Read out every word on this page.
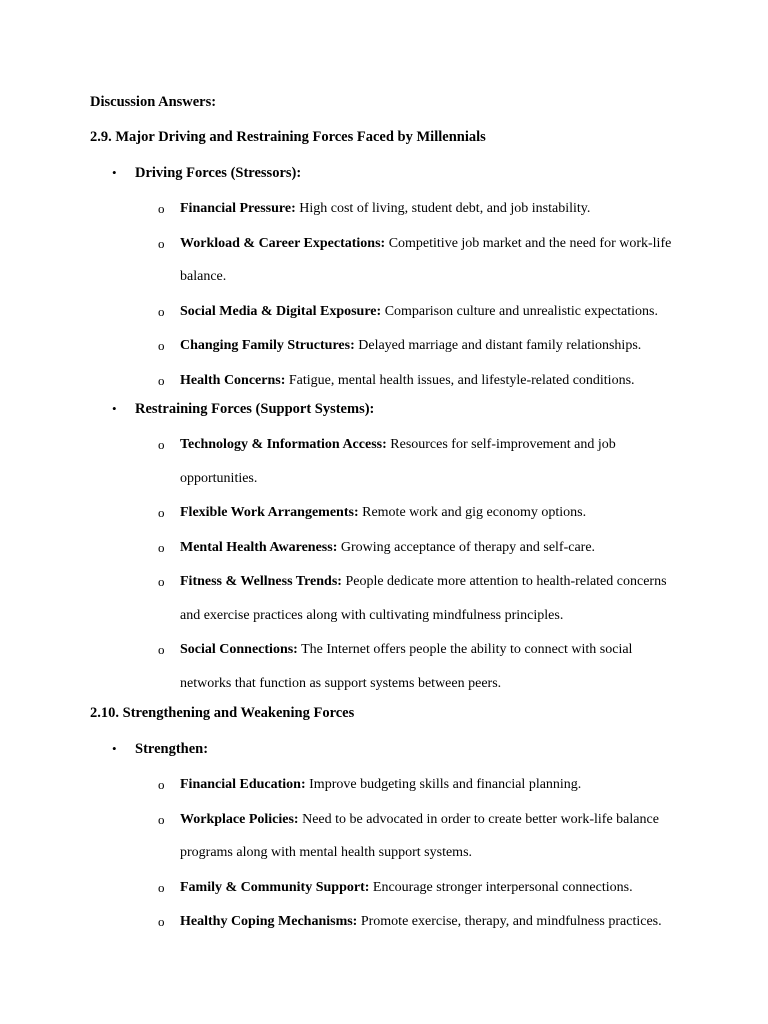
Discussion Answers:

2.9. Major Driving and Restraining Forces Faced by Millennials

• Driving Forces (Stressors):
o Financial Pressure: High cost of living, student debt, and job instability.
o Workload & Career Expectations: Competitive job market and the need for work-life balance.
o Social Media & Digital Exposure: Comparison culture and unrealistic expectations.
o Changing Family Structures: Delayed marriage and distant family relationships.
o Health Concerns: Fatigue, mental health issues, and lifestyle-related conditions.
• Restraining Forces (Support Systems):
o Technology & Information Access: Resources for self-improvement and job opportunities.
o Flexible Work Arrangements: Remote work and gig economy options.
o Mental Health Awareness: Growing acceptance of therapy and self-care.
o Fitness & Wellness Trends: People dedicate more attention to health-related concerns and exercise practices along with cultivating mindfulness principles.
o Social Connections: The Internet offers people the ability to connect with social networks that function as support systems between peers.

2.10. Strengthening and Weakening Forces

• Strengthen:
o Financial Education: Improve budgeting skills and financial planning.
o Workplace Policies: Need to be advocated in order to create better work-life balance programs along with mental health support systems.
o Family & Community Support: Encourage stronger interpersonal connections.
o Healthy Coping Mechanisms: Promote exercise, therapy, and mindfulness practices.
